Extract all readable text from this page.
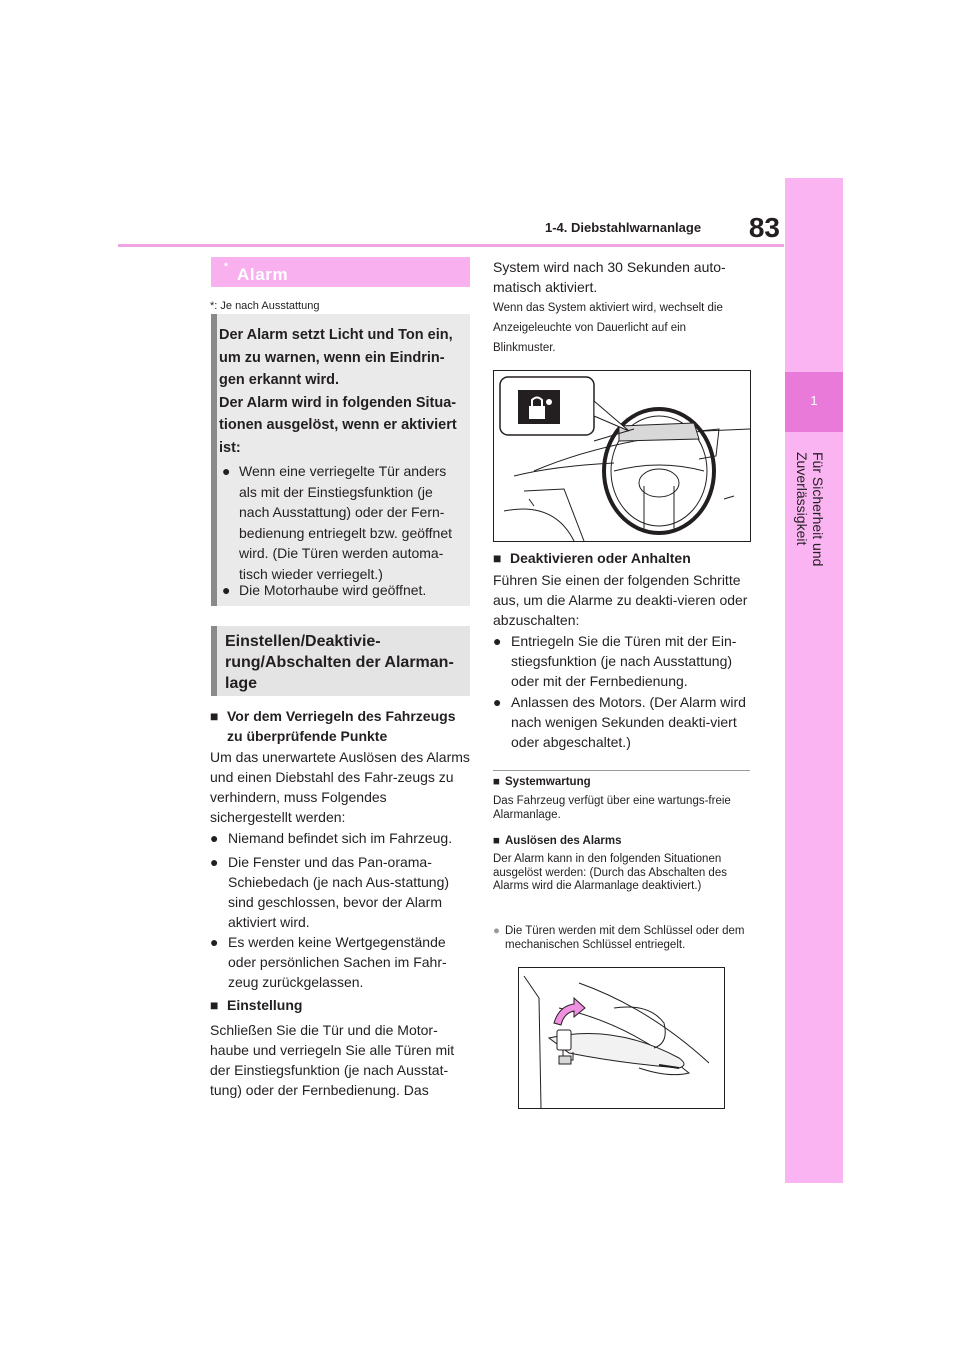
1-4. Diebstahlwarnanlage	83
1
Für Sicherheit und Zuverlässigkeit
Alarm
*
*: Je nach Ausstattung
Der Alarm setzt Licht und Ton ein,
um zu warnen, wenn ein Eindrin-
gen erkannt wird.
Der Alarm wird in folgenden Situa-
tionen ausgelöst, wenn er aktiviert
ist:
● Wenn eine verriegelte Tür anders als mit der Einstiegsfunktion (je nach Ausstattung) oder der Fern-bedienung entriegelt bzw. geöffnet wird. (Die Türen werden automa-tisch wieder verriegelt.)
● Die Motorhaube wird geöffnet.
Einstellen/Deaktivie-rung/Abschalten der Alarman-lage
■ Vor dem Verriegeln des Fahrzeugs zu überprüfende Punkte
Um das unerwartete Auslösen des Alarms und einen Diebstahl des Fahr-zeugs zu verhindern, muss Folgendes sichergestellt werden:
● Niemand befindet sich im Fahrzeug.
● Die Fenster und das Pan-orama-Schiebedach (je nach Aus-stattung) sind geschlossen, bevor der Alarm aktiviert wird.
● Es werden keine Wertgegenstände oder persönlichen Sachen im Fahr-zeug zurückgelassen.
■ Einstellung
Schließen Sie die Tür und die Motor-haube und verriegeln Sie alle Türen mit der Einstiegsfunktion (je nach Ausstat-tung) oder der Fernbedienung. Das
System wird nach 30 Sekunden auto-matisch aktiviert.
Wenn das System aktiviert wird, wechselt die Anzeigeleuchte von Dauerlicht auf ein Blinkmuster.
■ Deaktivieren oder Anhalten
Führen Sie einen der folgenden Schritte aus, um die Alarme zu deakti-vieren oder abzuschalten:
● Entriegeln Sie die Türen mit der Ein-stiegsfunktion (je nach Ausstattung) oder mit der Fernbedienung.
● Anlassen des Motors. (Der Alarm wird nach wenigen Sekunden deakti-viert oder abgeschaltet.)
■ Systemwartung
Das Fahrzeug verfügt über eine wartungs-freie Alarmanlage.
■ Auslösen des Alarms
Der Alarm kann in den folgenden Situationen ausgelöst werden: (Durch das Abschalten des Alarms wird die Alarmanlage deaktiviert.)
● Die Türen werden mit dem Schlüssel oder dem mechanischen Schlüssel entriegelt.
